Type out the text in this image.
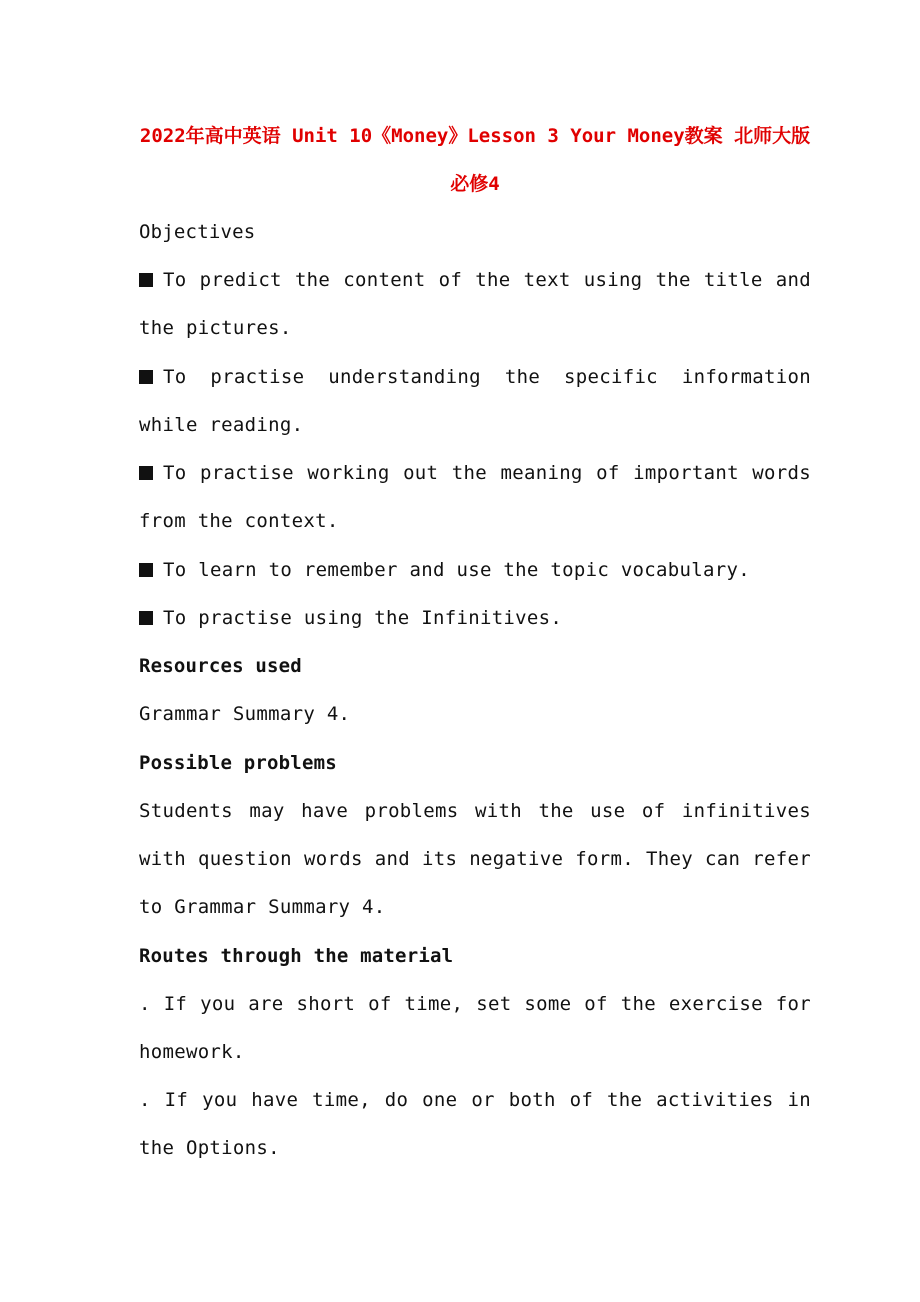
2022年高中英语 Unit 10《Money》Lesson 3 Your Money教案 北师大版
必修4
Objectives

To predict the content of the text using the title and the pictures.

To practise understanding the specific information while reading.

To practise working out the meaning of important words from the context.

To learn to remember and use the topic vocabulary.

To practise using the Infinitives.

Resources used

Grammar Summary 4.

Possible problems

Students may have problems with the use of infinitives with question words and its negative form. They can refer to Grammar Summary 4.

Routes through the material

. If you are short of time, set some of the exercise for homework.

. If you have time, do one or both of the activities in the Options.
